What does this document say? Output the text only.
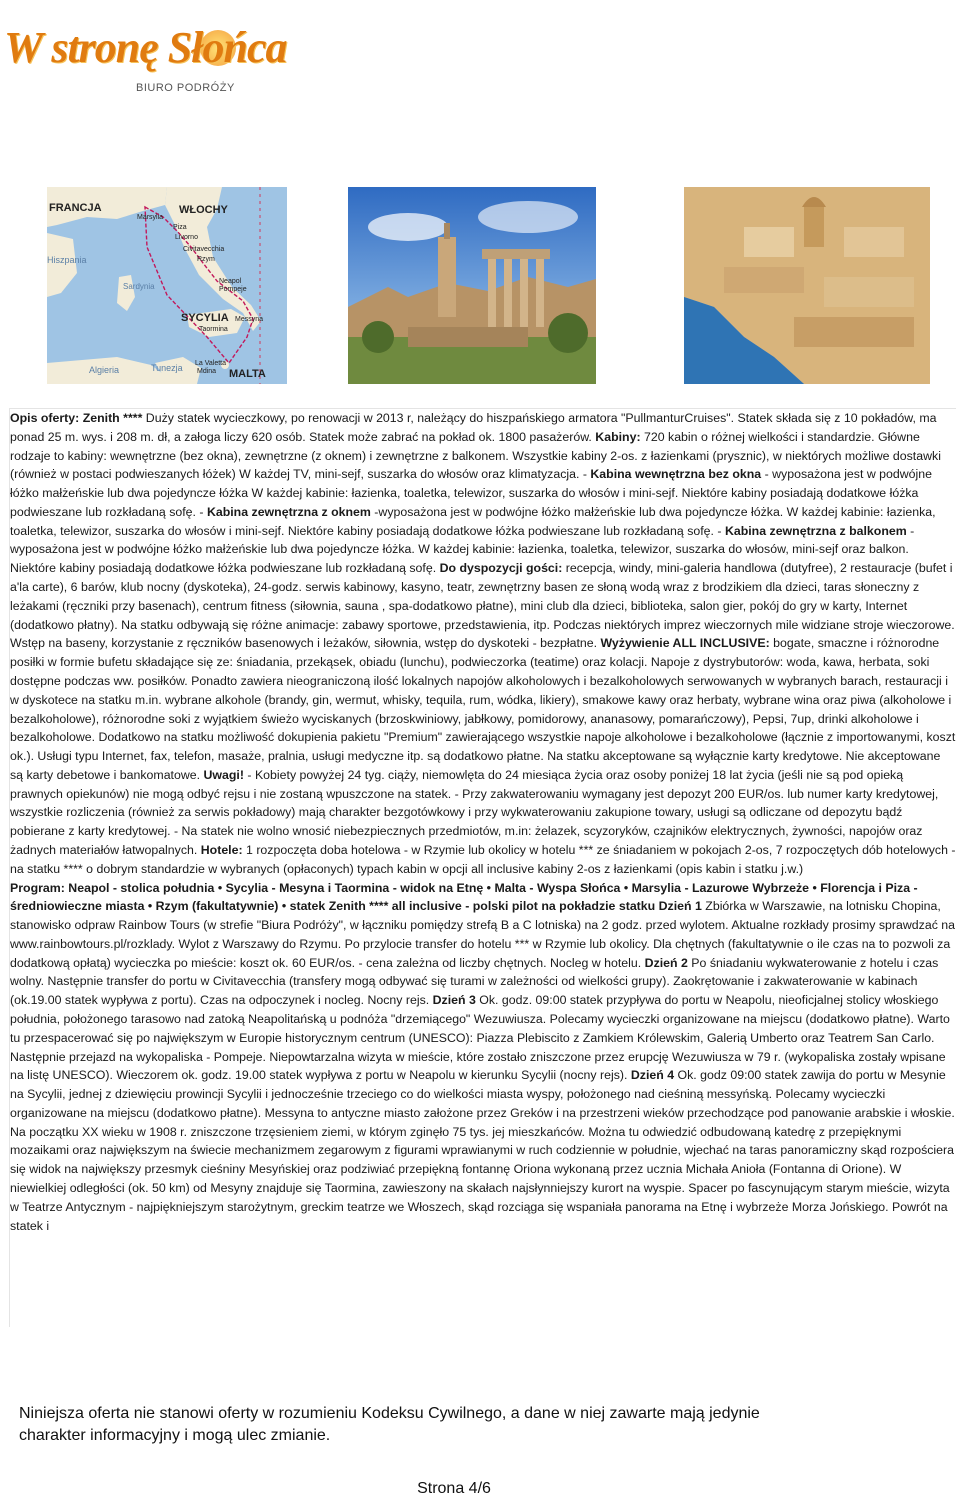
W stronę Słońca
BIURO PODRÓŻY
FRANCJA	WŁOCHY
Hiszpania
SYCYLIA
MALTA
Algieria	Tunezja
Sardynia
Marsylia
Piza
Livorno
Civitavecchia
Rzym
Neapol
Pompeje
Messyna
Taormina
La Valetta
Mdina
Opis oferty: Zenith **** Duży statek wycieczkowy, po renowacji w 2013 r, należący do hiszpańskiego armatora "PullmanturCruises". Statek składa się z 10 pokładów, ma ponad 25 m. wys. i 208 m. dł, a załoga liczy 620 osób. Statek może zabrać na pokład ok. 1800 pasażerów. Kabiny: 720 kabin o różnej wielkości i standardzie. Główne rodzaje to kabiny: wewnętrzne (bez okna), zewnętrzne (z oknem) i zewnętrzne z balkonem. Wszystkie kabiny 2-os. z łazienkami (prysznic), w niektórych możliwe dostawki (również w postaci podwieszanych łóżek) W każdej TV, mini-sejf, suszarka do włosów oraz klimatyzacja. - Kabina wewnętrzna bez okna - wyposażona jest w podwójne łóżko małżeńskie lub dwa pojedyncze łóżka W każdej kabinie: łazienka, toaletka, telewizor, suszarka do włosów i mini-sejf. Niektóre kabiny posiadają dodatkowe łóżka podwieszane lub rozkładaną sofę. - Kabina zewnętrzna z oknem -wyposażona jest w podwójne łóżko małżeńskie lub dwa pojedyncze łóżka. W każdej kabinie: łazienka, toaletka, telewizor, suszarka do włosów i mini-sejf. Niektóre kabiny posiadają dodatkowe łóżka podwieszane lub rozkładaną sofę. - Kabina zewnętrzna z balkonem - wyposażona jest w podwójne łóżko małżeńskie lub dwa pojedyncze łóżka. W każdej kabinie: łazienka, toaletka, telewizor, suszarka do włosów, mini-sejf oraz balkon. Niektóre kabiny posiadają dodatkowe łóżka podwieszane lub rozkładaną sofę. Do dyspozycji gości: recepcja, windy, mini-galeria handlowa (dutyfree), 2 restauracje (bufet i a'la carte), 6 barów, klub nocny (dyskoteka), 24-godz. serwis kabinowy, kasyno, teatr, zewnętrzny basen ze słoną wodą wraz z brodzikiem dla dzieci, taras słoneczny z leżakami (ręczniki przy basenach), centrum fitness (siłownia, sauna , spa-dodatkowo płatne), mini club dla dzieci, biblioteka, salon gier, pokój do gry w karty, Internet (dodatkowo płatny). Na statku odbywają się różne animacje: zabawy sportowe, przedstawienia, itp. Podczas niektórych imprez wieczornych mile widziane stroje wieczorowe. Wstęp na baseny, korzystanie z ręczników basenowych i leżaków, siłownia, wstęp do dyskoteki - bezpłatne. Wyżywienie ALL INCLUSIVE: bogate, smaczne i różnorodne posiłki w formie bufetu składające się ze: śniadania, przekąsek, obiadu (lunchu), podwieczorka (teatime) oraz kolacji. Napoje z dystrybutorów: woda, kawa, herbata, soki dostępne podczas ww. posiłków. Ponadto zawiera nieograniczoną ilość lokalnych napojów alkoholowych i bezalkoholowych serwowanych w wybranych barach, restauracji i w dyskotece na statku m.in. wybrane alkohole (brandy, gin, wermut, whisky, tequila, rum, wódka, likiery), smakowe kawy oraz herbaty, wybrane wina oraz piwa (alkoholowe i bezalkoholowe), różnorodne soki z wyjątkiem świeżo wyciskanych (brzoskwiniowy, jabłkowy, pomidorowy, ananasowy, pomarańczowy), Pepsi, 7up, drinki alkoholowe i bezalkoholowe. Dodatkowo na statku możliwość dokupienia pakietu "Premium" zawierającego wszystkie napoje alkoholowe i bezalkoholowe (łącznie z importowanymi, koszt ok.). Usługi typu Internet, fax, telefon, masaże, pralnia, usługi medyczne itp. są dodatkowo płatne. Na statku akceptowane są wyłącznie karty kredytowe. Nie akceptowane są karty debetowe i bankomatowe. Uwagi! - Kobiety powyżej 24 tyg. ciąży, niemowlęta do 24 miesiąca życia oraz osoby poniżej 18 lat życia (jeśli nie są pod opieką prawnych opiekunów) nie mogą odbyć rejsu i nie zostaną wpuszczone na statek. - Przy zakwaterowaniu wymagany jest depozyt 200 EUR/os. lub numer karty kredytowej, wszystkie rozliczenia (również za serwis pokładowy) mają charakter bezgotówkowy i przy wykwaterowaniu zakupione towary, usługi są odliczane od depozytu bądź pobierane z karty kredytowej. - Na statek nie wolno wnosić niebezpiecznych przedmiotów, m.in: żelazek, scyzoryków, czajników elektrycznych, żywności, napojów oraz żadnych materiałów łatwopalnych. Hotele: 1 rozpoczęta doba hotelowa - w Rzymie lub okolicy w hotelu *** ze śniadaniem w pokojach 2-os, 7 rozpoczętych dób hotelowych - na statku **** o dobrym standardzie w wybranych (opłaconych) typach kabin w opcji all inclusive kabiny 2-os z łazienkami (opis kabin i statku j.w.)
Program: Neapol - stolica południa • Sycylia - Mesyna i Taormina - widok na Etnę • Malta - Wyspa Słońca • Marsylia - Lazurowe Wybrzeże • Florencja i Piza - średniowieczne miasta • Rzym (fakultatywnie) • statek Zenith **** all inclusive - polski pilot na pokładzie statku Dzień 1 Zbiórka w Warszawie, na lotnisku Chopina, stanowisko odpraw Rainbow Tours (w strefie "Biura Podróży", w łączniku pomiędzy strefą B a C lotniska) na 2 godz. przed wylotem. Aktualne rozkłady prosimy sprawdzać na www.rainbowtours.pl/rozklady. Wylot z Warszawy do Rzymu. Po przylocie transfer do hotelu *** w Rzymie lub okolicy. Dla chętnych (fakultatywnie o ile czas na to pozwoli za dodatkową opłatą) wycieczka po mieście: koszt ok. 60 EUR/os. - cena zależna od liczby chętnych. Nocleg w hotelu. Dzień 2 Po śniadaniu wykwaterowanie z hotelu i czas wolny. Następnie transfer do portu w Civitavecchia (transfery mogą odbywać się turami w zależności od wielkości grupy). Zaokrętowanie i zakwaterowanie w kabinach (ok.19.00 statek wypływa z portu). Czas na odpoczynek i nocleg. Nocny rejs. Dzień 3 Ok. godz. 09:00 statek przypływa do portu w Neapolu, nieoficjalnej stolicy włoskiego południa, położonego tarasowo nad zatoką Neapolitańską u podnóża "drzemiącego" Wezuwiusza. Polecamy wycieczki organizowane na miejscu (dodatkowo płatne). Warto tu przespacerować się po największym w Europie historycznym centrum (UNESCO): Piazza Plebiscito z Zamkiem Królewskim, Galerią Umberto oraz Teatrem San Carlo. Następnie przejazd na wykopaliska - Pompeje. Niepowtarzalna wizyta w mieście, które zostało zniszczone przez erupcję Wezuwiusza w 79 r. (wykopaliska zostały wpisane na listę UNESCO). Wieczorem ok. godz. 19.00 statek wypływa z portu w Neapolu w kierunku Sycylii (nocny rejs). Dzień 4 Ok. godz 09:00 statek zawija do portu w Mesynie na Sycylii, jednej z dziewięciu prowincji Sycylii i jednocześnie trzeciego co do wielkości miasta wyspy, położonego nad cieśniną messyńską. Polecamy wycieczki organizowane na miejscu (dodatkowo płatne). Messyna to antyczne miasto założone przez Greków i na przestrzeni wieków przechodzące pod panowanie arabskie i włoskie. Na początku XX wieku w 1908 r. zniszczone trzęsieniem ziemi, w którym zginęło 75 tys. jej mieszkańców. Można tu odwiedzić odbudowaną katedrę z przepięknymi mozaikami oraz największym na świecie mechanizmem zegarowym z figurami wprawianymi w ruch codziennie w południe, wjechać na taras panoramiczny skąd rozpościera się widok na największy przesmyk cieśniny Mesyńskiej oraz podziwiać przepiękną fontannę Oriona wykonaną przez ucznia Michała Anioła (Fontanna di Orione). W niewielkiej odległości (ok. 50 km) od Mesyny znajduje się Taormina, zawieszony na skałach najsłynniejszy kurort na wyspie. Spacer po fascynującym starym mieście, wizyta w Teatrze Antycznym - najpiękniejszym starożytnym, greckim teatrze we Włoszech, skąd rozciąga się wspaniała panorama na Etnę i wybrzeże Morza Jońskiego. Powrót na statek i
Niniejsza oferta nie stanowi oferty w rozumieniu Kodeksu Cywilnego, a dane w niej zawarte mają jedynie charakter informacyjny i mogą ulec zmianie.
Strona 4/6
